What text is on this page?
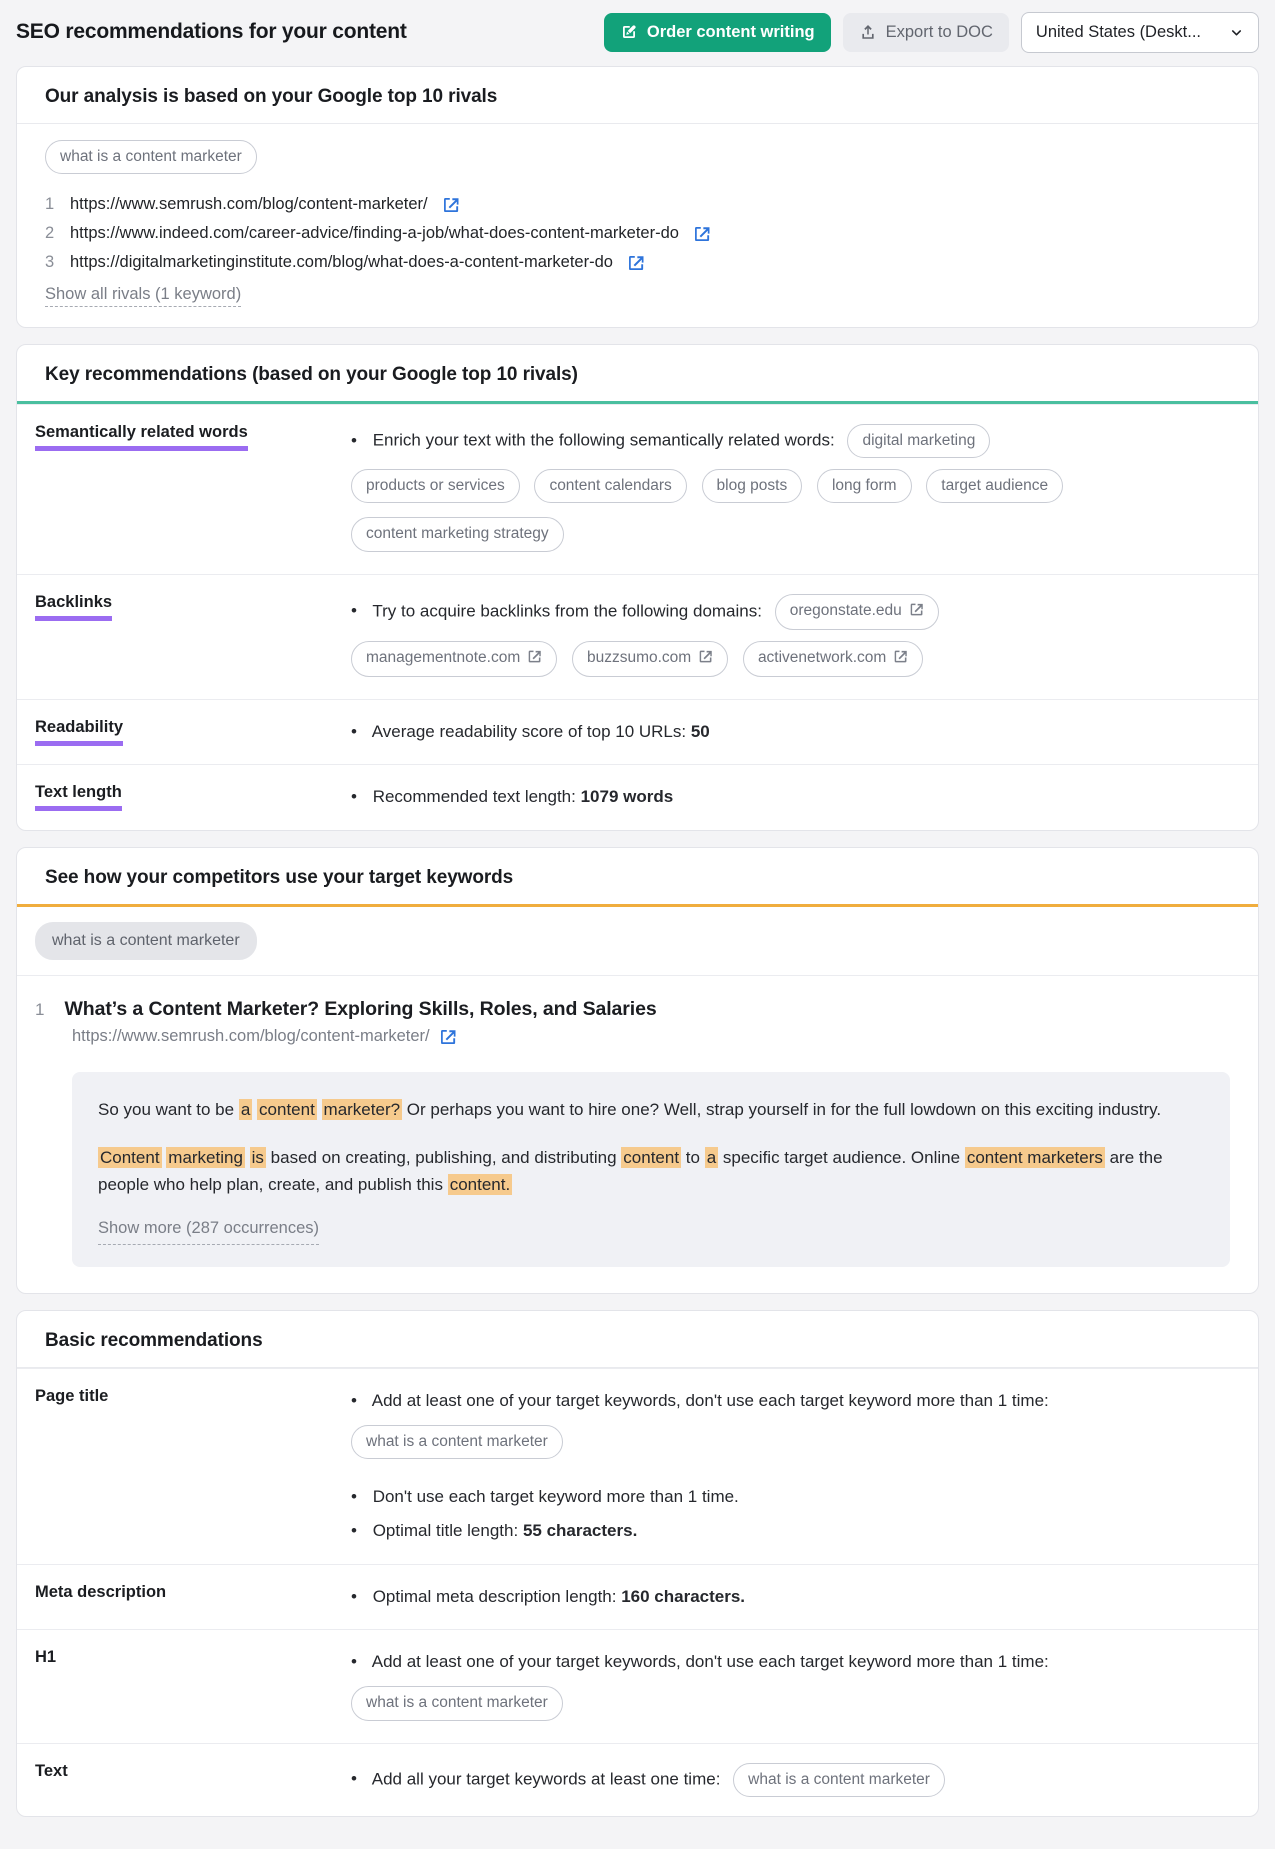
SEO recommendations for your content	Order content writing	Export to DOC	United States (Deskt...
Our analysis is based on your Google top 10 rivals
what is a content marketer
1 https://www.semrush.com/blog/content-marketer/
2 https://www.indeed.com/career-advice/finding-a-job/what-does-content-marketer-do
3 https://digitalmarketinginstitute.com/blog/what-does-a-content-marketer-do
Show all rivals (1 keyword)
Key recommendations (based on your Google top 10 rivals)
Semantically related words	• Enrich your text with the following semantically related words: digital marketing
products or services	content calendars	blog posts	long form	target audience
content marketing strategy
Backlinks	• Try to acquire backlinks from the following domains: oregonstate.edu
managementnote.com	buzzsumo.com	activenetwork.com
Readability	• Average readability score of top 10 URLs: 50
Text length	• Recommended text length: 1079 words
See how your competitors use your target keywords
what is a content marketer
1 What’s a Content Marketer? Exploring Skills, Roles, and Salaries
https://www.semrush.com/blog/content-marketer/

So you want to be a content marketer? Or perhaps you want to hire one? Well, strap yourself in for the full lowdown on this exciting industry.

Content marketing is based on creating, publishing, and distributing content to a specific target audience. Online content marketers are the people who help plan, create, and publish this content.

Show more (287 occurrences)
Basic recommendations
Page title	• Add at least one of your target keywords, don't use each target keyword more than 1 time:
what is a content marketer
• Don't use each target keyword more than 1 time.
• Optimal title length: 55 characters.
Meta description	• Optimal meta description length: 160 characters.
H1	• Add at least one of your target keywords, don't use each target keyword more than 1 time:
what is a content marketer
Text	• Add all your target keywords at least one time: what is a content marketer
